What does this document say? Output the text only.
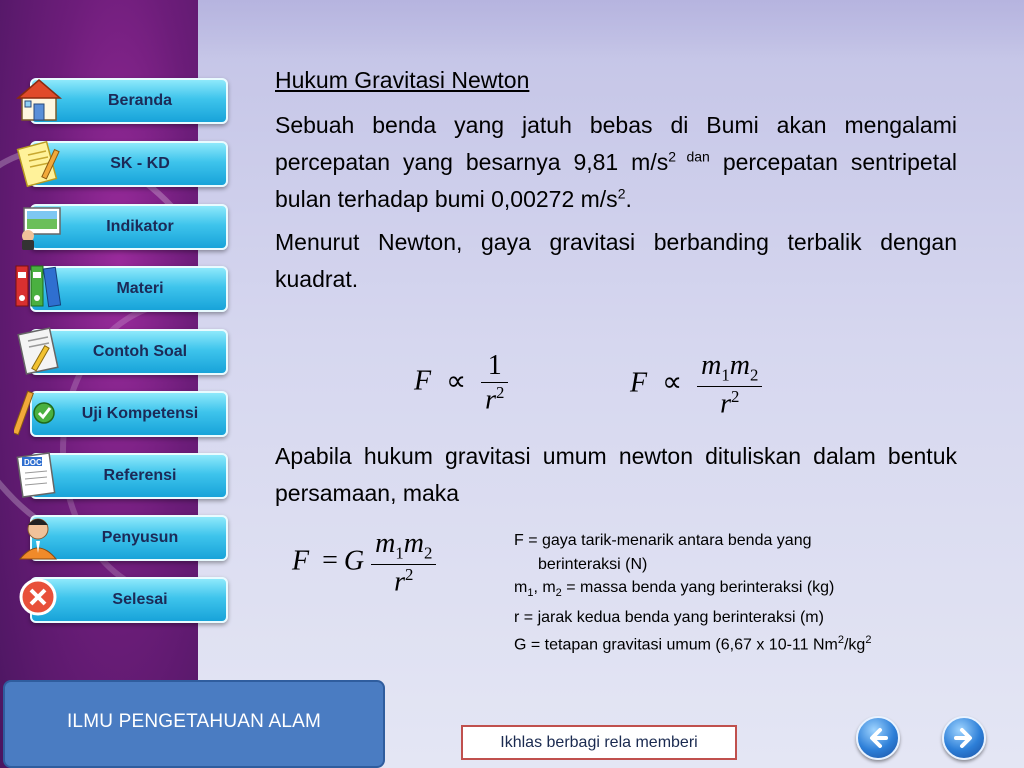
Beranda
SK - KD
Indikator
Materi
Contoh Soal
Uji Kompetensi
DOC
Referensi
Penyusun
Selesai
ILMU PENGETAHUAN ALAM
Hukum Gravitasi Newton

Sebuah benda yang jatuh bebas di Bumi akan mengalami percepatan yang besarnya 9,81 $m/s^2$ $^{dan}$ percepatan sentripetal bulan terhadap bumi 0,00272 $m/s^2$.

Menurut Newton, gaya gravitasi berbanding terbalik dengan kuadrat.

$F \propto \frac{1}{r^2}$	$F \propto \frac{m_1m_2}{r^2}$

Apabila hukum gravitasi umum newton dituliskan dalam bentuk persamaan, maka

F = G $\frac{m_1m_2}{r^2}$	F = gaya tarik-menarik antara benda yang
berinteraksi (N)
$m_1$, $m_2$ = massa benda yang berinteraksi (kg)
r = jarak kedua benda yang berinteraksi (m)
G = tetapan gravitasi umum (6,67 x 10-11 $Nm^2/kg^2$
Ikhlas berbagi rela memberi
